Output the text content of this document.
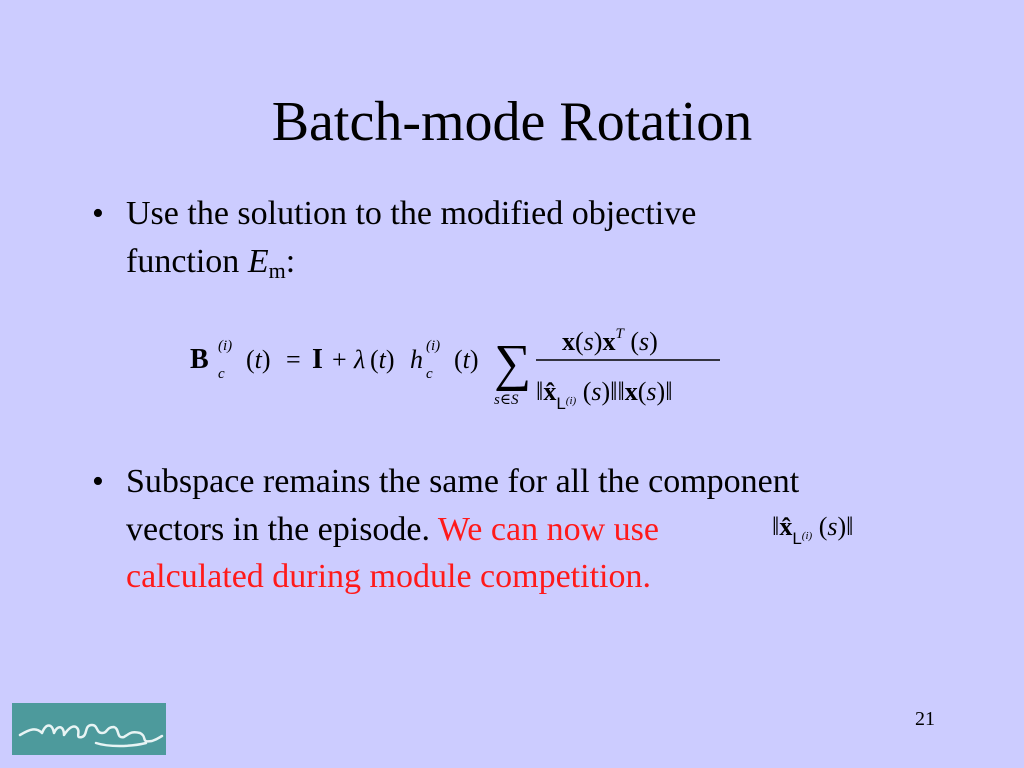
Batch-mode Rotation
• Use the solution to the modified objective
function $E_m$:
B (i)
c (t) = I + λ (t) h (i)
c (t) ∑
s∈S
$x(s)x^T$ (s)
$‖x̂_L(i)$ (s)‖‖x(s)‖
• Subspace remains the same for all the component
vectors in the episode. We can now use
calculated during module competition.
$‖x̂_L(i)$ (s)‖
21
